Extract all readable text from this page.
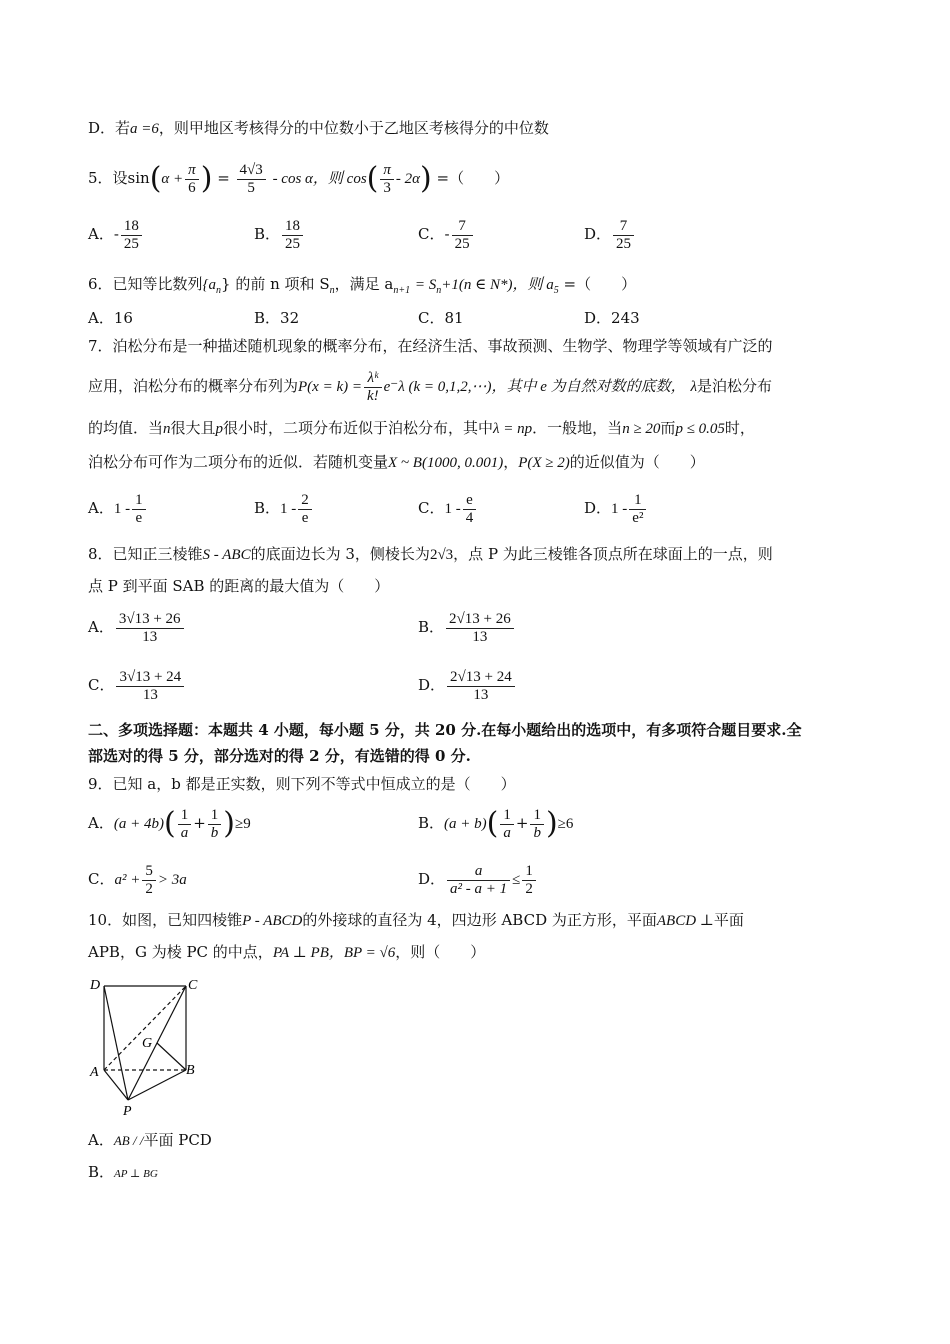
D．若a =6，则甲地区考核得分的中位数小于乙地区考核得分的中位数
5．设$\sin(\alpha + \frac{\pi}{6}$ ) = $\frac{4√3}{5}$ - cos α，则 $\cos( \frac{\pi}{3} - 2\alpha)$ =（　　）
A．- $\frac{18}{25}$	B． $\frac{18}{25}$	C．- $\frac{7}{25}$	D． $\frac{7}{25}$
6．已知等比数列$\{a_n\}$ 的前 n 项和 $S_n$，满足 $a_{n+1} = S_n+1(n$ ∈ N*)，则 $a_5$ =（　　）
A．16	B．32	C．81	D．243
7．泊松分布是一种描述随机现象的概率分布，在经济生活、事故预测、生物学、物理学等领域有广泛的
应用，泊松分布的概率分布列为$P(x = k) = \frac{\text{λᵏ}}{k!} e^-\lambda$ (k = 0,1,2,⋯)，其中 e 为自然对数的底数， λ是泊松分布
的均值．当n很大且p很小时，二项分布近似于泊松分布，其中λ = np．一般地，当n ≥ 20而p ≤ 0.05时，
泊松分布可作为二项分布的近似．若随机变量X ~ B(1000, 0.001)，P(X ≥ 2)的近似值为（　　）
A．$1 - \frac{1}{e}$	B．$1 - \frac{2}{e}$	C．$1 - \frac{e}{4}$	D．$1 - \frac{1}{\text{e²}}$
8．已知正三棱锥S - ABC的底面边长为 3，侧棱长为2√3，点 P 为此三棱锥各顶点所在球面上的一点，则
点 P 到平面 SAB 的距离的最大值为（　　）
A． $\frac{3√13 + 26}{13}$	B． $\frac{2√13 + 26}{13}$
C． $\frac{3√13 + 24}{13}$	D． $\frac{2√13 + 24}{13}$
二、多项选择题：本题共 4 小题，每小题 5 分，共 20 分.在每小题给出的选项中，有多项符合题目要求.全
部选对的得 5 分，部分选对的得 2 分，有选错的得 0 分.
9．已知 a，b 都是正实数，则下列不等式中恒成立的是（　　）
A．$(a + 4b)( \frac{1}{a} + \frac{1}{b} )\ge 9$	B．$(a + b)( \frac{1}{a} + \frac{1}{b} )\ge 6$
C．$a^2 + \frac{5}{2} > 3a$	D． $\frac{a}{\text{a² - a + 1}} \le \frac{1}{2}$
10．如图，已知四棱锥P - ABCD的外接球的直径为 4，四边形 ABCD 为正方形，平面ABCD ⊥平面
APB，G 为棱 PC 的中点，PA ⊥ PB，BP = √6，则（　　）
D	C
G
A	B
P
A．AB / /平面 PCD
B．AP ⊥ BG
